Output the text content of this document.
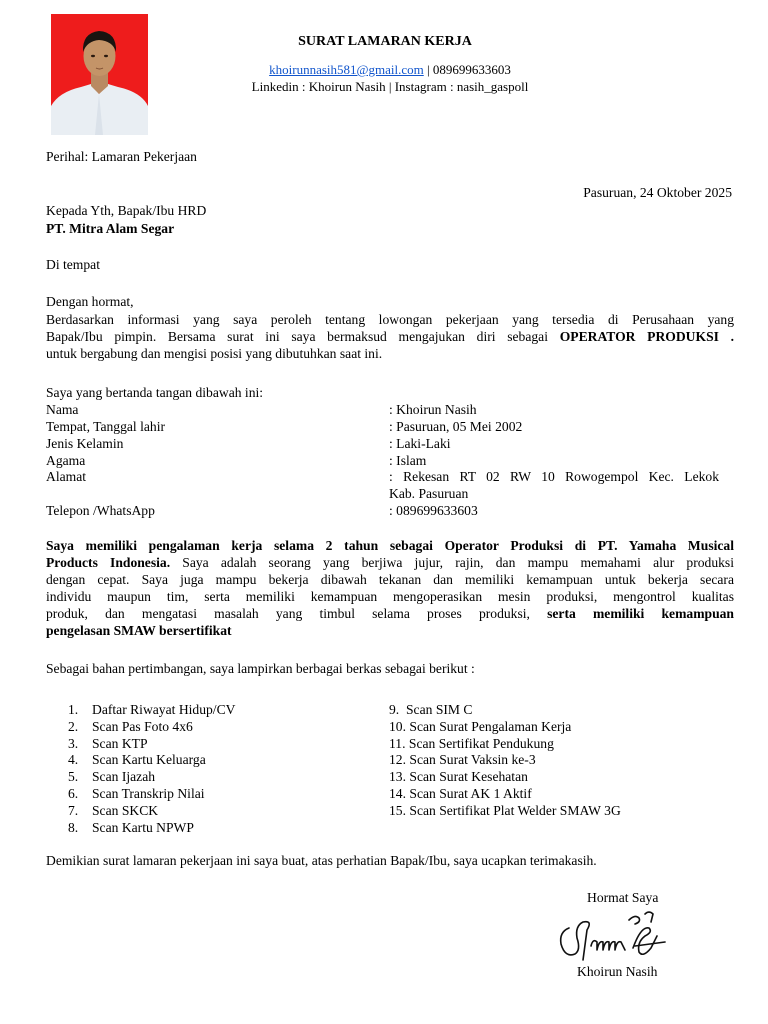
SURAT LAMARAN KERJA
khoirunnasih581@gmail.com | 089699633603
Linkedin : Khoirun Nasih | Instagram : nasih_gaspoll
Perihal: Lamaran Pekerjaan
Pasuruan, 24 Oktober 2025
Kepada Yth, Bapak/Ibu HRD
PT. Mitra Alam Segar
Di tempat
Dengan hormat,
Berdasarkan informasi yang saya peroleh tentang lowongan pekerjaan yang tersedia di Perusahaan yang
Bapak/Ibu pimpin. Bersama surat ini saya bermaksud mengajukan diri sebagai OPERATOR PRODUKSI .
untuk bergabung dan mengisi posisi yang dibutuhkan saat ini.
Saya yang bertanda tangan dibawah ini:
Nama	: Khoirun Nasih
Tempat, Tanggal lahir	: Pasuruan, 05 Mei 2002
Jenis Kelamin	: Laki-Laki
Agama	: Islam
Alamat	:  Rekesan  RT  02  RW  10  Rowogempol  Kec.  Lekok
Kab. Pasuruan
Telepon /WhatsApp	: 089699633603
Saya memiliki pengalaman kerja selama 2 tahun sebagai Operator Produksi di PT. Yamaha Musical
Products Indonesia. Saya adalah seorang yang berjiwa jujur, rajin, dan mampu memahami alur produksi
dengan cepat. Saya juga mampu bekerja dibawah tekanan dan memiliki kemampuan untuk bekerja secara
individu maupun tim, serta memiliki kemampuan mengoperasikan mesin produksi, mengontrol kualitas
produk, dan mengatasi masalah yang timbul selama proses produksi, serta memiliki kemampuan
pengelasan SMAW bersertifikat
Sebagai bahan pertimbangan, saya lampirkan berbagai berkas sebagai berikut :
1. Daftar Riwayat Hidup/CV
2. Scan Pas Foto 4x6
3. Scan KTP
4. Scan Kartu Keluarga
5. Scan Ijazah
6. Scan Transkrip Nilai
7. Scan SKCK
8. Scan Kartu NPWP
9.  Scan SIM C
10. Scan Surat Pengalaman Kerja
11. Scan Sertifikat Pendukung
12. Scan Surat Vaksin ke-3
13. Scan Surat Kesehatan
14. Scan Surat AK 1 Aktif
15. Scan Sertifikat Plat Welder SMAW 3G
Demikian surat lamaran pekerjaan ini saya buat, atas perhatian Bapak/Ibu, saya ucapkan terimakasih.
Hormat Saya
Khoirun Nasih
